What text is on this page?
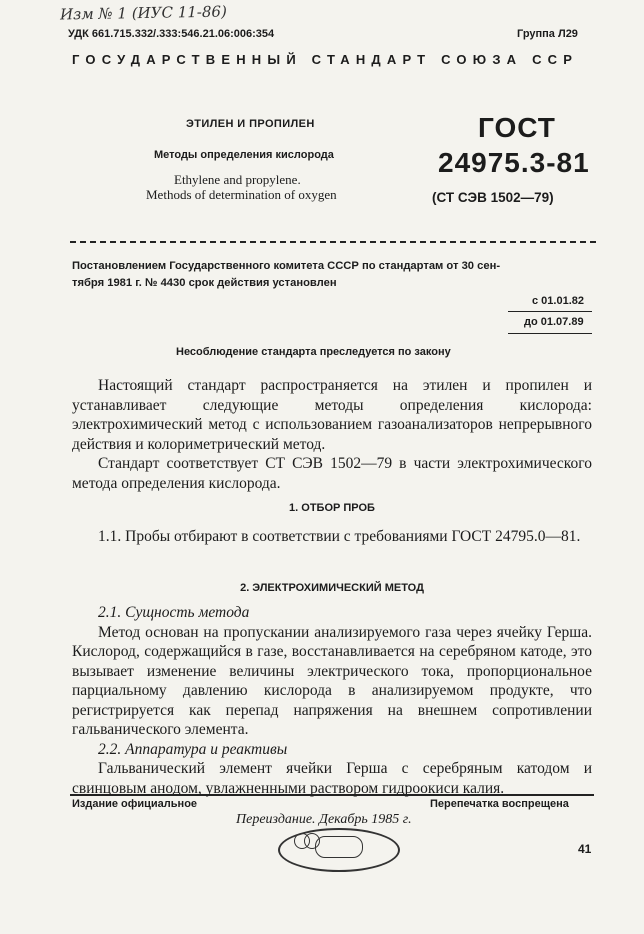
Изм № 1 (ИУС 11-86)
УДК 661.715.332/.333:546.21.06:006:354	Группа Л29
ГОСУДАРСТВЕННЫЙ СТАНДАРТ СОЮЗА ССР
ЭТИЛЕН И ПРОПИЛЕН
Методы определения кислорода
Ethylene and propylene.
Methods of determination of oxygen
ГОСТ
24975.3-81
(СТ СЭВ 1502—79)
Постановлением Государственного комитета СССР по стандартам от 30 сен-
тября 1981 г. № 4430 срок действия установлен
с 01.01.82
до 01.07.89
Несоблюдение стандарта преследуется по закону

Настоящий стандарт распространяется на этилен и пропилен и устанавливает следующие методы определения кислорода: электрохимический метод с использованием газоанализаторов непрерывного действия и колориметрический метод.

Стандарт соответствует СТ СЭВ 1502—79 в части электрохимического метода определения кислорода.

1. ОТБОР ПРОБ

1.1. Пробы отбирают в соответствии с требованиями ГОСТ 24795.0—81.

2. ЭЛЕКТРОХИМИЧЕСКИЙ МЕТОД

2.1. Сущность метода

Метод основан на пропускании анализируемого газа через ячейку Герша. Кислород, содержащийся в газе, восстанавливается на серебряном катоде, это вызывает изменение величины электрического тока, пропорциональное парциальному давлению кислорода в анализируемом продукте, что регистрируется как перепад напряжения на внешнем сопротивлении гальванического элемента.

2.2. Аппаратура и реактивы

Гальванический элемент ячейки Герша с серебряным катодом и свинцовым анодом, увлажненными раствором гидроокиси калия.

Издание официальное	Перепечатка воспрещена
Переиздание. Декабрь 1985 г.
41
